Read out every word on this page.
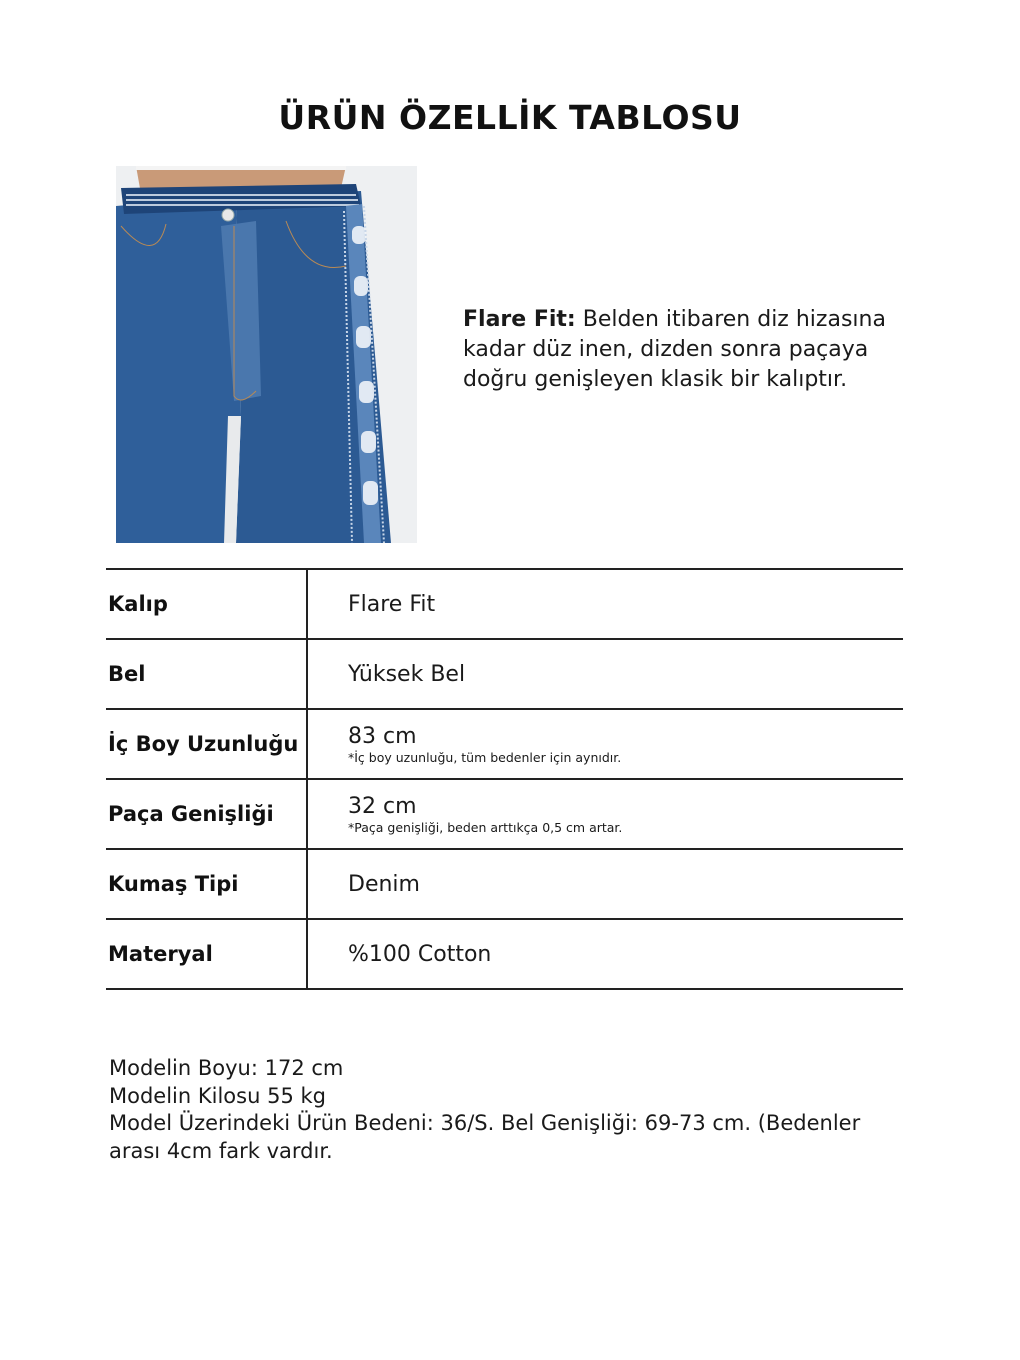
ÜRÜN ÖZELLİK TABLOSU
Flare Fit: Belden itibaren diz hizasına kadar düz inen, dizden sonra paçaya doğru genişleyen klasik bir kalıptır.
Kalıp	Flare Fit
Bel	Yüksek Bel
İç Boy Uzunluğu	83 cm
*İç boy uzunluğu, tüm bedenler için aynıdır.
Paça Genişliği	32 cm
*Paça genişliği, beden arttıkça 0,5 cm artar.
Kumaş Tipi	Denim
Materyal	%100 Cotton
Modelin Boyu: 172 cm
Modelin Kilosu 55 kg
Model Üzerindeki Ürün Bedeni: 36/S. Bel Genişliği: 69-73 cm. (Bedenler arası 4cm fark vardır.
